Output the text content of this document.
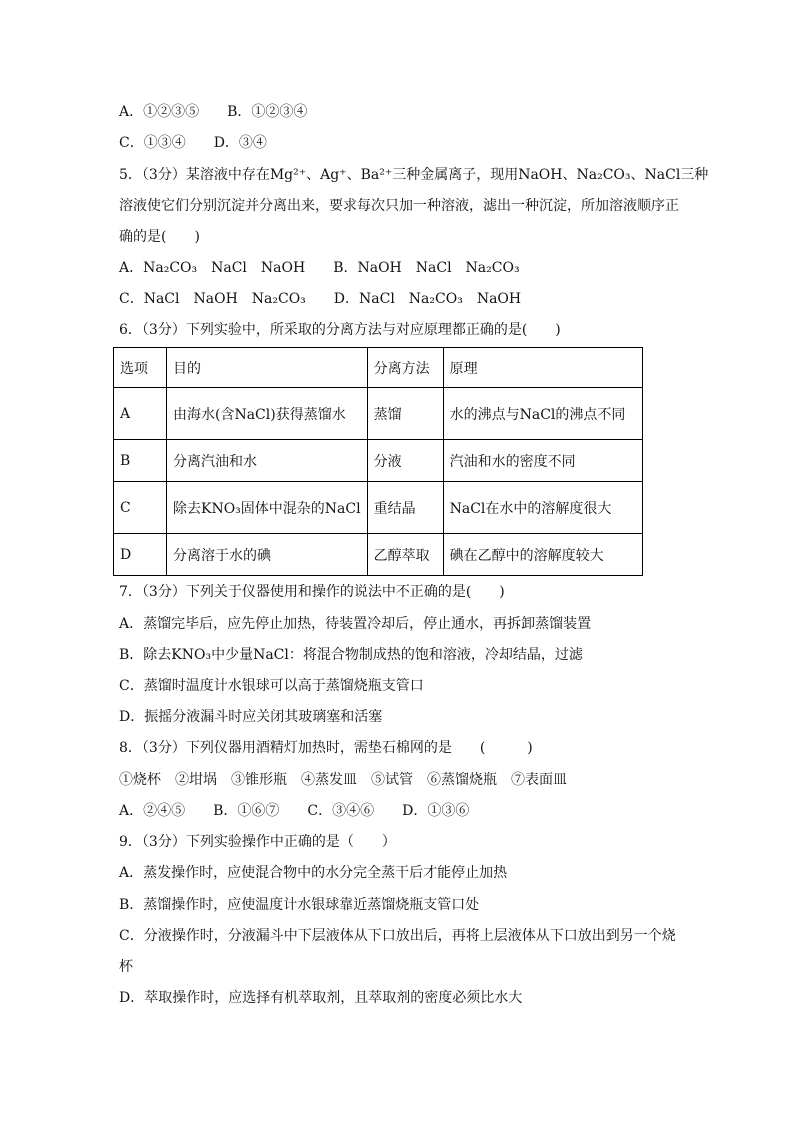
A．①②③⑤　　B．①②③④
C．①③④　　D．③④
5．（3分）某溶液中存在Mg²⁺、Ag⁺、Ba²⁺三种金属离子，现用NaOH、Na₂CO₃、NaCl三种
溶液使它们分别沉淀并分离出来，要求每次只加一种溶液，滤出一种沉淀，所加溶液顺序正
确的是(　　)
A．Na₂CO₃　NaCl　NaOH　　B．NaOH　NaCl　Na₂CO₃
C．NaCl　NaOH　Na₂CO₃　　D．NaCl　Na₂CO₃　NaOH
6．（3分）下列实验中，所采取的分离方法与对应原理都正确的是(　　)
选项	目的	分离方法	原理
A	由海水(含NaCl)获得蒸馏水	蒸馏	水的沸点与NaCl的沸点不同
B	分离汽油和水	分液	汽油和水的密度不同
C	除去KNO₃固体中混杂的NaCl	重结晶	NaCl在水中的溶解度很大
D	分离溶于水的碘	乙醇萃取	碘在乙醇中的溶解度较大
7．（3分）下列关于仪器使用和操作的说法中不正确的是(　　)
A．蒸馏完毕后，应先停止加热，待装置冷却后，停止通水，再拆卸蒸馏装置
B．除去KNO₃中少量NaCl：将混合物制成热的饱和溶液，冷却结晶，过滤
C．蒸馏时温度计水银球可以高于蒸馏烧瓶支管口
D．振摇分液漏斗时应关闭其玻璃塞和活塞
8．（3分）下列仪器用酒精灯加热时，需垫石棉网的是　　(　　　)
①烧杯　②坩埚　③锥形瓶　④蒸发皿　⑤试管　⑥蒸馏烧瓶　⑦表面皿
A．②④⑤　　B．①⑥⑦　　C．③④⑥　　D．①③⑥
9．（3分）下列实验操作中正确的是（　　）
A．蒸发操作时，应使混合物中的水分完全蒸干后才能停止加热
B．蒸馏操作时，应使温度计水银球靠近蒸馏烧瓶支管口处
C．分液操作时，分液漏斗中下层液体从下口放出后，再将上层液体从下口放出到另一个烧
杯
D．萃取操作时，应选择有机萃取剂，且萃取剂的密度必须比水大
